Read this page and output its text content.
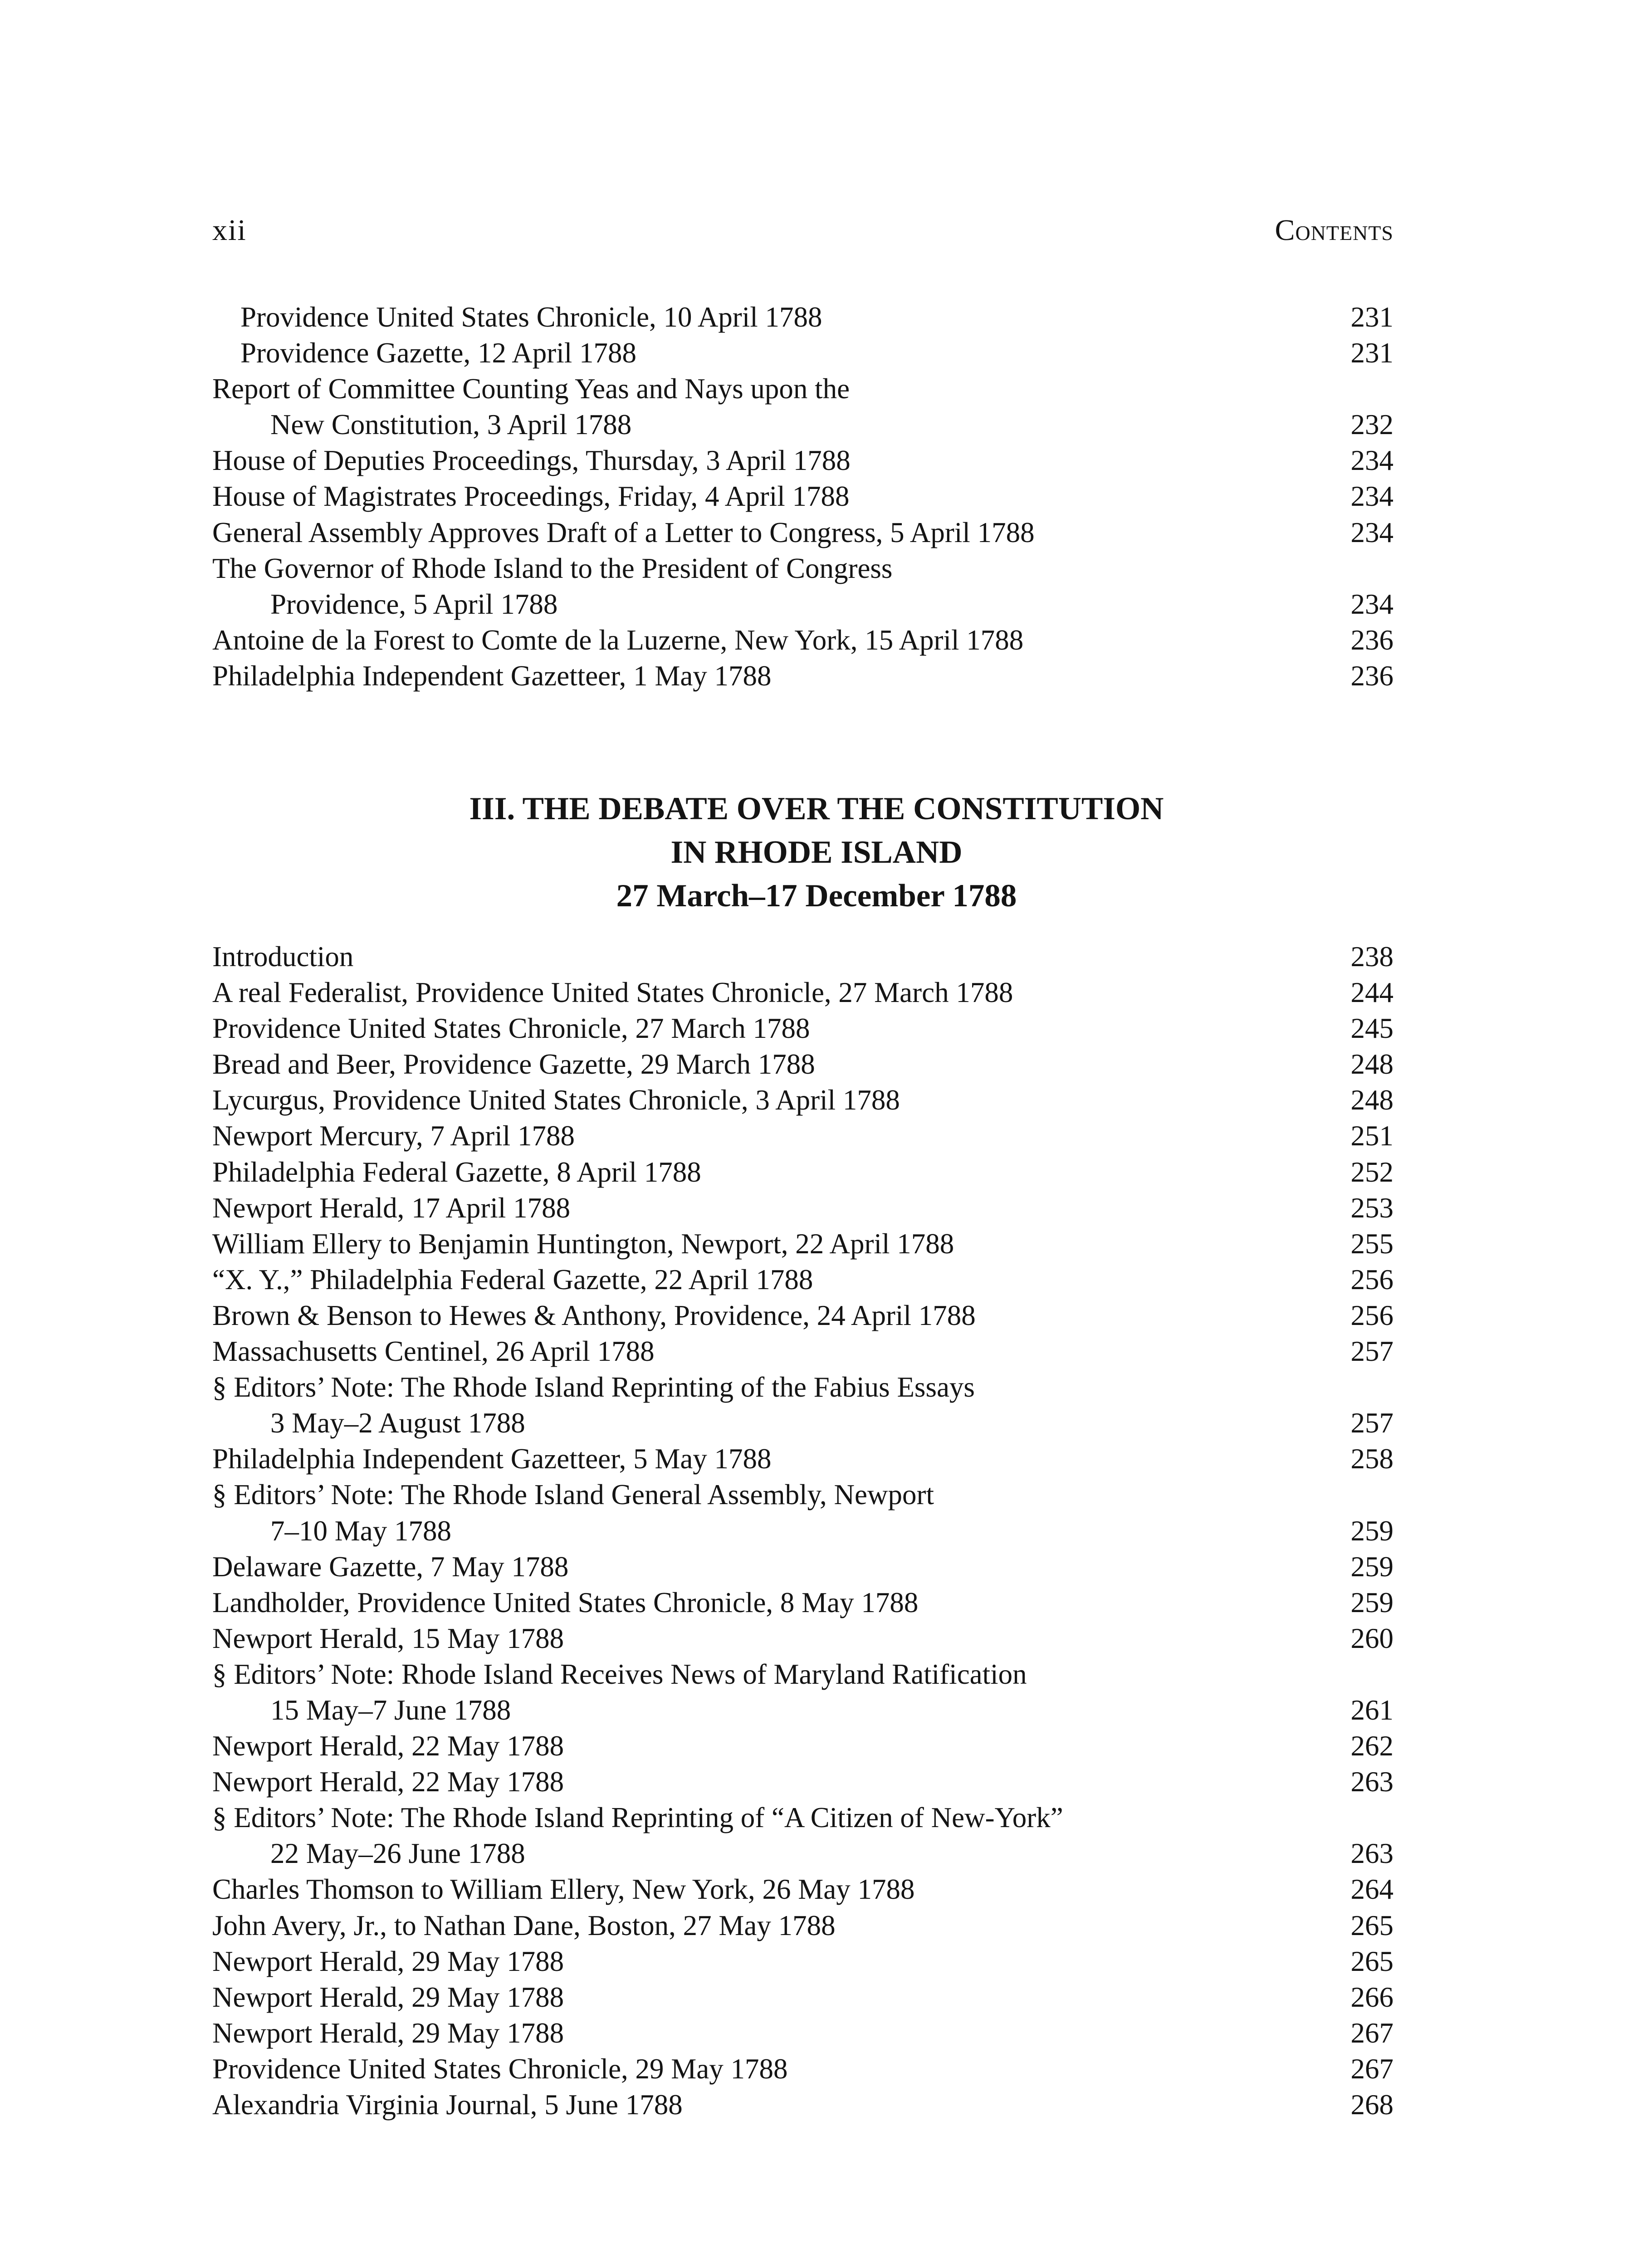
xii	Contents
Providence United States Chronicle, 10 April 1788	231
Providence Gazette, 12 April 1788	231
Report of Committee Counting Yeas and Nays upon the
New Constitution, 3 April 1788	232
House of Deputies Proceedings, Thursday, 3 April 1788	234
House of Magistrates Proceedings, Friday, 4 April 1788	234
General Assembly Approves Draft of a Letter to Congress, 5 April 1788	234
The Governor of Rhode Island to the President of Congress
Providence, 5 April 1788	234
Antoine de la Forest to Comte de la Luzerne, New York, 15 April 1788	236
Philadelphia Independent Gazetteer, 1 May 1788	236
III. THE DEBATE OVER THE CONSTITUTION
IN RHODE ISLAND
27 March–17 December 1788
Introduction	238
A real Federalist, Providence United States Chronicle, 27 March 1788	244
Providence United States Chronicle, 27 March 1788	245
Bread and Beer, Providence Gazette, 29 March 1788	248
Lycurgus, Providence United States Chronicle, 3 April 1788	248
Newport Mercury, 7 April 1788	251
Philadelphia Federal Gazette, 8 April 1788	252
Newport Herald, 17 April 1788	253
William Ellery to Benjamin Huntington, Newport, 22 April 1788	255
“X. Y.,” Philadelphia Federal Gazette, 22 April 1788	256
Brown & Benson to Hewes & Anthony, Providence, 24 April 1788	256
Massachusetts Centinel, 26 April 1788	257
§ Editors’ Note: The Rhode Island Reprinting of the Fabius Essays
3 May–2 August 1788	257
Philadelphia Independent Gazetteer, 5 May 1788	258
§ Editors’ Note: The Rhode Island General Assembly, Newport
7–10 May 1788	259
Delaware Gazette, 7 May 1788	259
Landholder, Providence United States Chronicle, 8 May 1788	259
Newport Herald, 15 May 1788	260
§ Editors’ Note: Rhode Island Receives News of Maryland Ratification
15 May–7 June 1788	261
Newport Herald, 22 May 1788	262
Newport Herald, 22 May 1788	263
§ Editors’ Note: The Rhode Island Reprinting of “A Citizen of New-York”
22 May–26 June 1788	263
Charles Thomson to William Ellery, New York, 26 May 1788	264
John Avery, Jr., to Nathan Dane, Boston, 27 May 1788	265
Newport Herald, 29 May 1788	265
Newport Herald, 29 May 1788	266
Newport Herald, 29 May 1788	267
Providence United States Chronicle, 29 May 1788	267
Alexandria Virginia Journal, 5 June 1788	268
